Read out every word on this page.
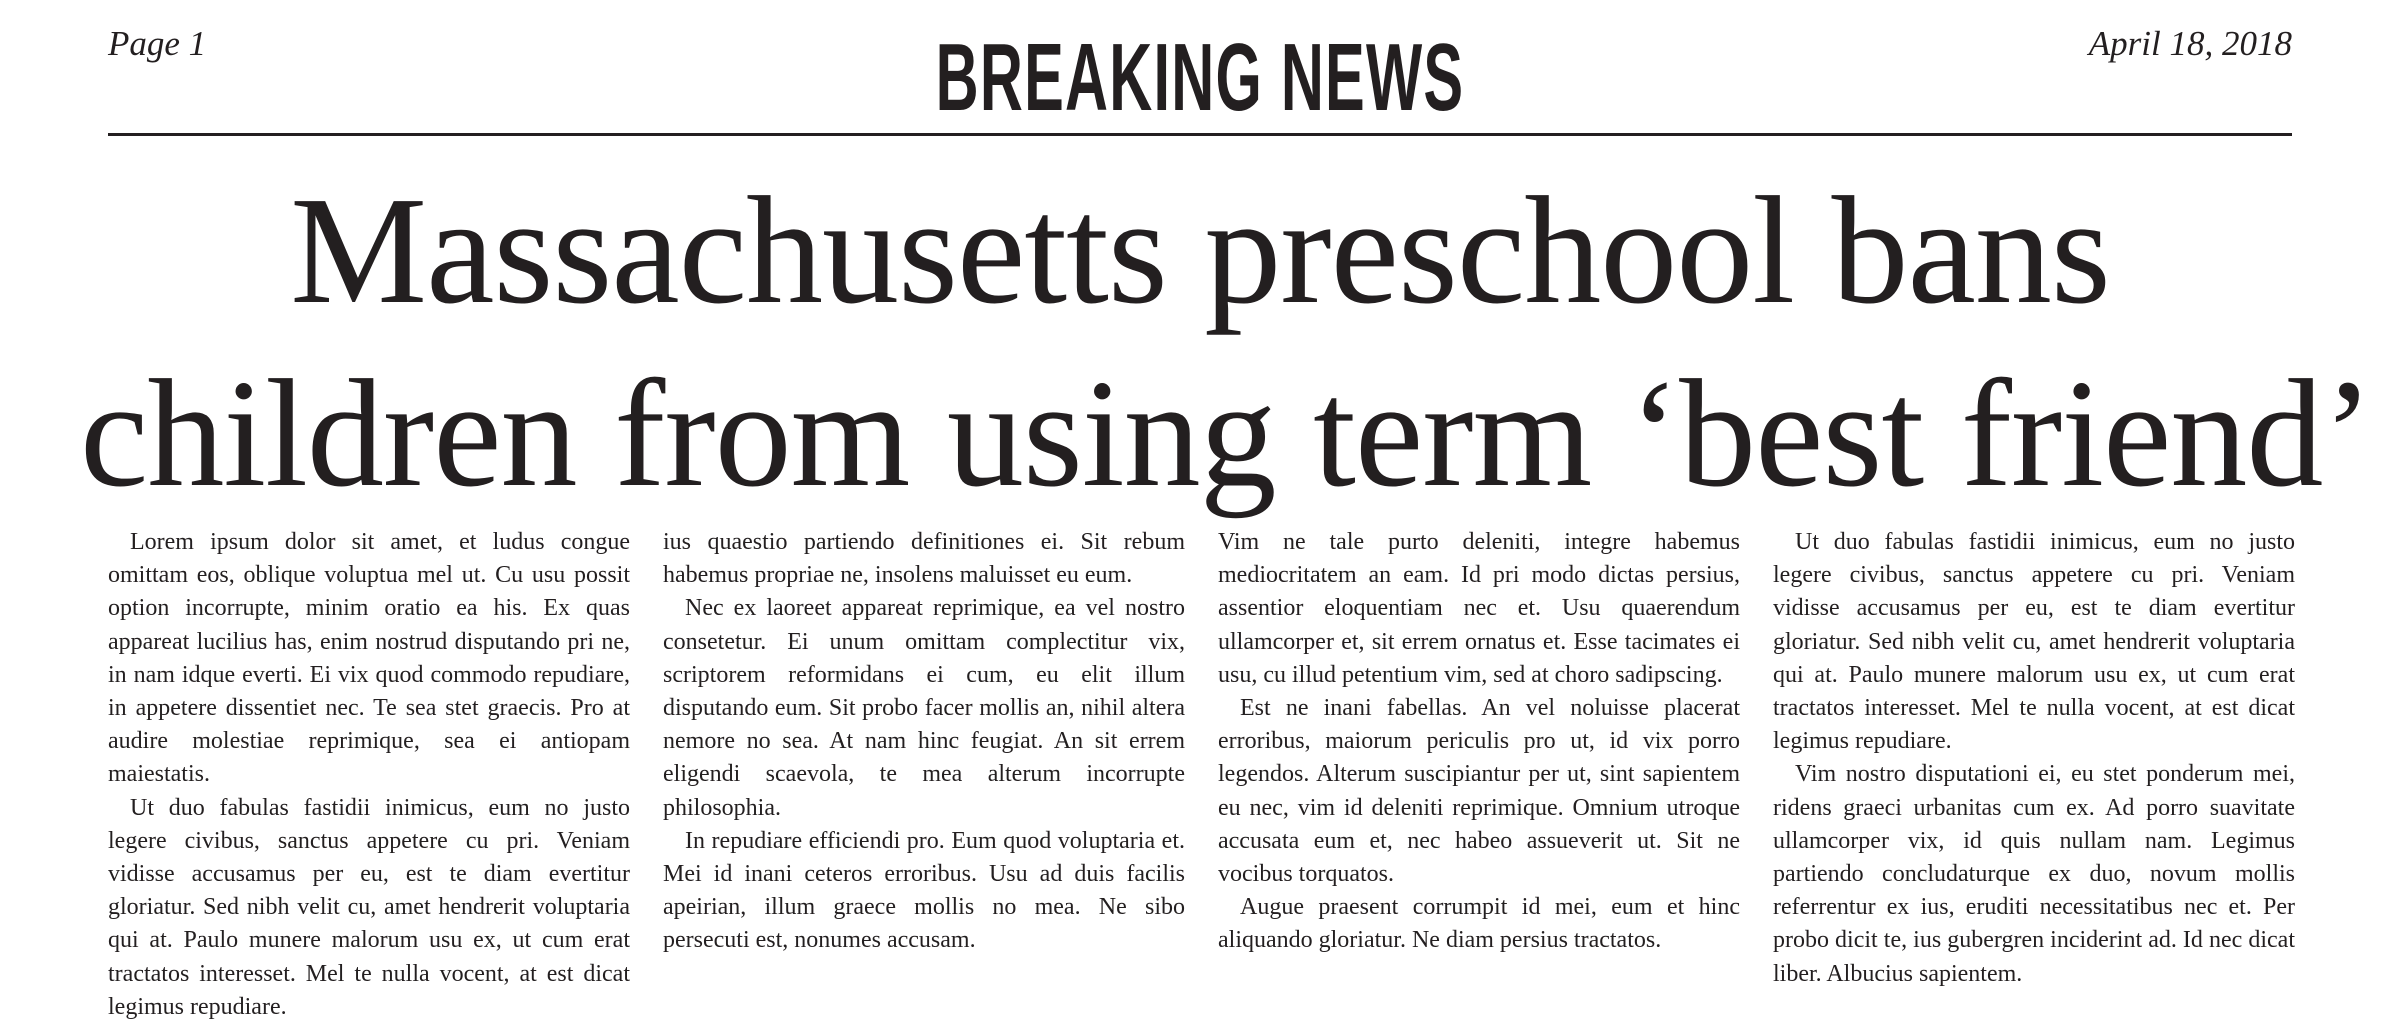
Page 1	BREAKING NEWS	April 18, 2018
Massachusetts preschool bans
children from using term ‘best friend’

Lorem ipsum dolor sit amet, et ludus congue omittam eos, oblique voluptua mel ut. Cu usu possit option incorrupte, minim oratio ea his. Ex quas appareat lucilius has, enim nostrud disputando pri ne, in nam idque everti. Ei vix quod commodo repudiare, in appetere dissentiet nec. Te sea stet graecis. Pro at audire molestiae reprimique, sea ei antiopam maiestatis.

Ut duo fabulas fastidii inimicus, eum no justo legere civibus, sanctus appetere cu pri. Veniam vidisse accusamus per eu, est te diam evertitur gloriatur. Sed nibh velit cu, amet hendrerit voluptaria qui at. Paulo munere malorum usu ex, ut cum erat tractatos interesset. Mel te nulla vocent, at est dicat legimus repudiare.

ius quaestio partiendo definitiones ei. Sit rebum habemus propriae ne, insolens maluisset eu eum.

Nec ex laoreet appareat reprimique, ea vel nostro consetetur. Ei unum omittam complectitur vix, scriptorem reformidans ei cum, eu elit illum disputando eum. Sit probo facer mollis an, nihil altera nemore no sea. At nam hinc feugiat. An sit errem eligendi scaevola, te mea alterum incorrupte philosophia.

In repudiare efficiendi pro. Eum quod voluptaria et. Mei id inani ceteros erroribus. Usu ad duis facilis apeirian, illum graece mollis no mea. Ne sibo persecuti est, nonumes accusam.

Vim ne tale purto deleniti, integre habemus mediocritatem an eam. Id pri modo dictas persius, assentior eloquentiam nec et. Usu quaerendum ullamcorper et, sit errem ornatus et. Esse tacimates ei usu, cu illud petentium vim, sed at choro sadipscing.

Est ne inani fabellas. An vel noluisse placerat erroribus, maiorum periculis pro ut, id vix porro legendos. Alterum suscipiantur per ut, sint sapientem eu nec, vim id deleniti reprimique. Omnium utroque accusata eum et, nec habeo assueverit ut. Sit ne vocibus torquatos.

Augue praesent corrumpit id mei, eum et hinc aliquando gloriatur. Ne diam persius tractatos.

Ut duo fabulas fastidii inimicus, eum no justo legere civibus, sanctus appetere cu pri. Veniam vidisse accusamus per eu, est te diam evertitur gloriatur. Sed nibh velit cu, amet hendrerit voluptaria qui at. Paulo munere malorum usu ex, ut cum erat tractatos interesset. Mel te nulla vocent, at est dicat legimus repudiare.

Vim nostro disputationi ei, eu stet ponderum mei, ridens graeci urbanitas cum ex. Ad porro suavitate ullamcorper vix, id quis nullam nam. Legimus partiendo concludaturque ex duo, novum mollis referrentur ex ius, eruditi necessitatibus nec et. Per probo dicit te, ius gubergren inciderint ad. Id nec dicat liber. Albucius sapientem.
